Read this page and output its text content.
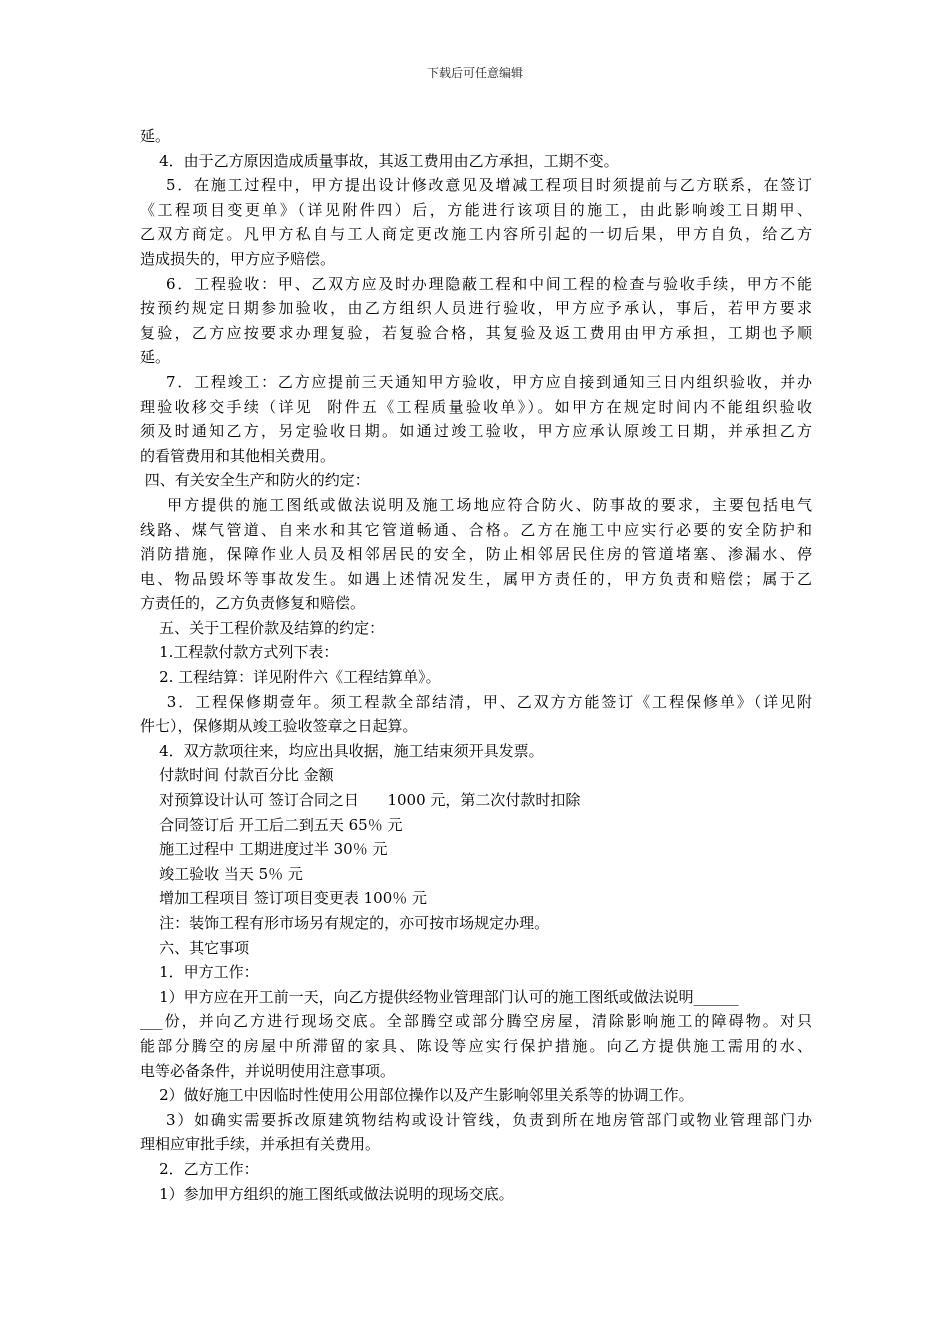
下载后可任意编辑
延。
4．由于乙方原因造成质量事故，其返工费用由乙方承担，工期不变。
5．在施工过程中，甲方提出设计修改意见及增减工程项目时须提前与乙方联系，在签订
《工程项目变更单》（详见附件四）后，方能进行该项目的施工，由此影响竣工日期甲、
乙双方商定。凡甲方私自与工人商定更改施工内容所引起的一切后果，甲方自负，给乙方
造成损失的，甲方应予赔偿。
6．工程验收：甲、乙双方应及时办理隐蔽工程和中间工程的检查与验收手续，甲方不能
按预约规定日期参加验收，由乙方组织人员进行验收，甲方应予承认，事后，若甲方要求
复验，乙方应按要求办理复验，若复验合格，其复验及返工费用由甲方承担，工期也予顺
延。
7．工程竣工：乙方应提前三天通知甲方验收，甲方应自接到通知三日内组织验收，并办
理验收移交手续（详见  附件五《工程质量验收单》）。如甲方在规定时间内不能组织验收
须及时通知乙方，另定验收日期。如通过竣工验收，甲方应承认原竣工日期，并承担乙方
的看管费用和其他相关费用。
四、有关安全生产和防火的约定：
甲方提供的施工图纸或做法说明及施工场地应符合防火、防事故的要求，主要包括电气
线路、煤气管道、自来水和其它管道畅通、合格。乙方在施工中应实行必要的安全防护和
消防措施，保障作业人员及相邻居民的安全，防止相邻居民住房的管道堵塞、渗漏水、停
电、物品毁坏等事故发生。如遇上述情况发生，属甲方责任的，甲方负责和赔偿；属于乙
方责任的，乙方负责修复和赔偿。
五、关于工程价款及结算的约定：
1.工程款付款方式列下表：
2. 工程结算：详见附件六《工程结算单》。
3．工程保修期壹年。须工程款全部结清，甲、乙双方方能签订《工程保修单》（详见附
件七），保修期从竣工验收签章之日起算。
4．双方款项往来，均应出具收据，施工结束须开具发票。
付款时间 付款百分比 金额
对预算设计认可 签订合同之日      1000 元，第二次付款时扣除
合同签订后 开工后二到五天 65％ 元
施工过程中 工期进度过半 30％ 元
竣工验收 当天 5％ 元
增加工程项目 签订项目变更表 100％ 元
注：装饰工程有形市场另有规定的，亦可按市场规定办理。
六、其它事项
1．甲方工作：
1）甲方应在开工前一天，向乙方提供经物业管理部门认可的施工图纸或做法说明______
___份，并向乙方进行现场交底。全部腾空或部分腾空房屋，清除影响施工的障碍物。对只
能部分腾空的房屋中所滞留的家具、陈设等应实行保护措施。向乙方提供施工需用的水、
电等必备条件，并说明使用注意事项。
2）做好施工中因临时性使用公用部位操作以及产生影响邻里关系等的协调工作。
3）如确实需要拆改原建筑物结构或设计管线，负责到所在地房管部门或物业管理部门办
理相应审批手续，并承担有关费用。
2．乙方工作：
1）参加甲方组织的施工图纸或做法说明的现场交底。
